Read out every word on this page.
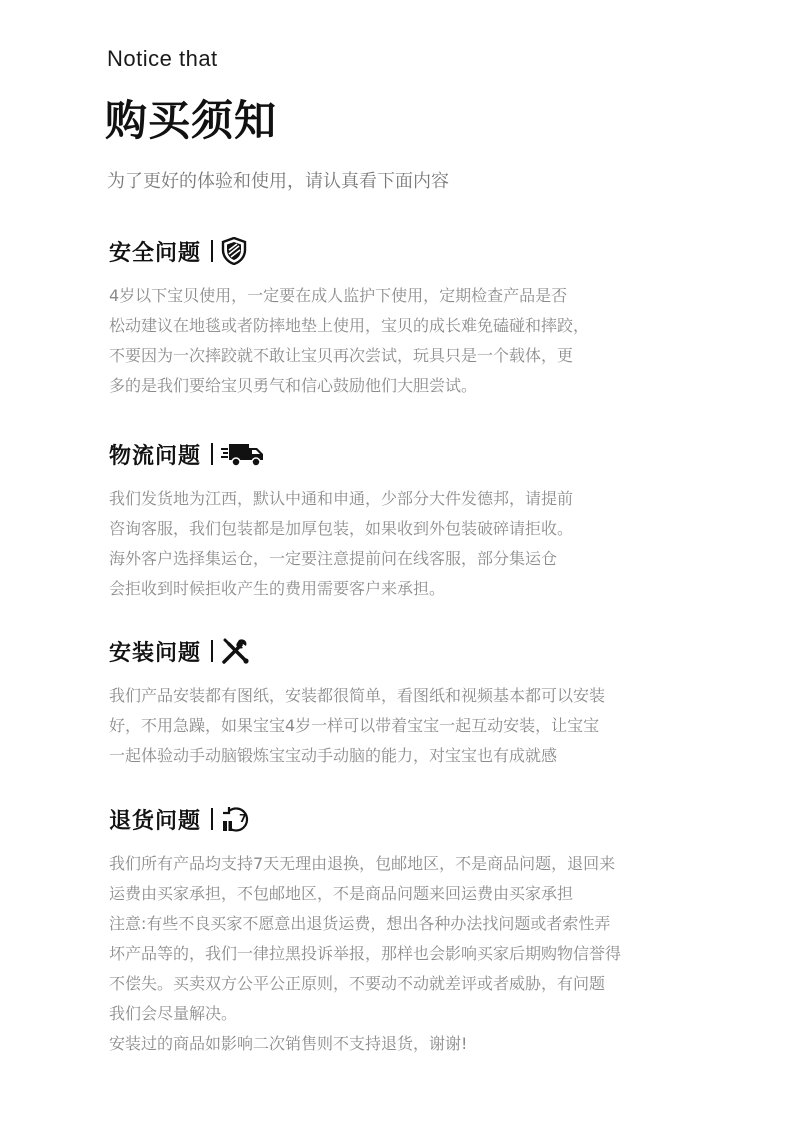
Notice that
购买须知
为了更好的体验和使用，请认真看下面内容
安全问题
4岁以下宝贝使用，一定要在成人监护下使用，定期检查产品是否
松动建议在地毯或者防摔地垫上使用，宝贝的成长难免磕碰和摔跤，
不要因为一次摔跤就不敢让宝贝再次尝试，玩具只是一个载体，更
多的是我们要给宝贝勇气和信心鼓励他们大胆尝试。
物流问题
我们发货地为江西，默认中通和申通，少部分大件发德邦，请提前
咨询客服，我们包装都是加厚包装，如果收到外包装破碎请拒收。
海外客户选择集运仓，一定要注意提前问在线客服，部分集运仓
会拒收到时候拒收产生的费用需要客户来承担。
安装问题
我们产品安装都有图纸，安装都很简单，看图纸和视频基本都可以安装
好，不用急躁，如果宝宝4岁一样可以带着宝宝一起互动安装，让宝宝
一起体验动手动脑锻炼宝宝动手动脑的能力，对宝宝也有成就感
退货问题	7
我们所有产品均支持7天无理由退换，包邮地区，不是商品问题，退回来
运费由买家承担，不包邮地区，不是商品问题来回运费由买家承担
注意:有些不良买家不愿意出退货运费，想出各种办法找问题或者索性弄
坏产品等的，我们一律拉黑投诉举报，那样也会影响买家后期购物信誉得
不偿失。买卖双方公平公正原则，不要动不动就差评或者威胁，有问题
我们会尽量解决。
安装过的商品如影响二次销售则不支持退货，谢谢!
